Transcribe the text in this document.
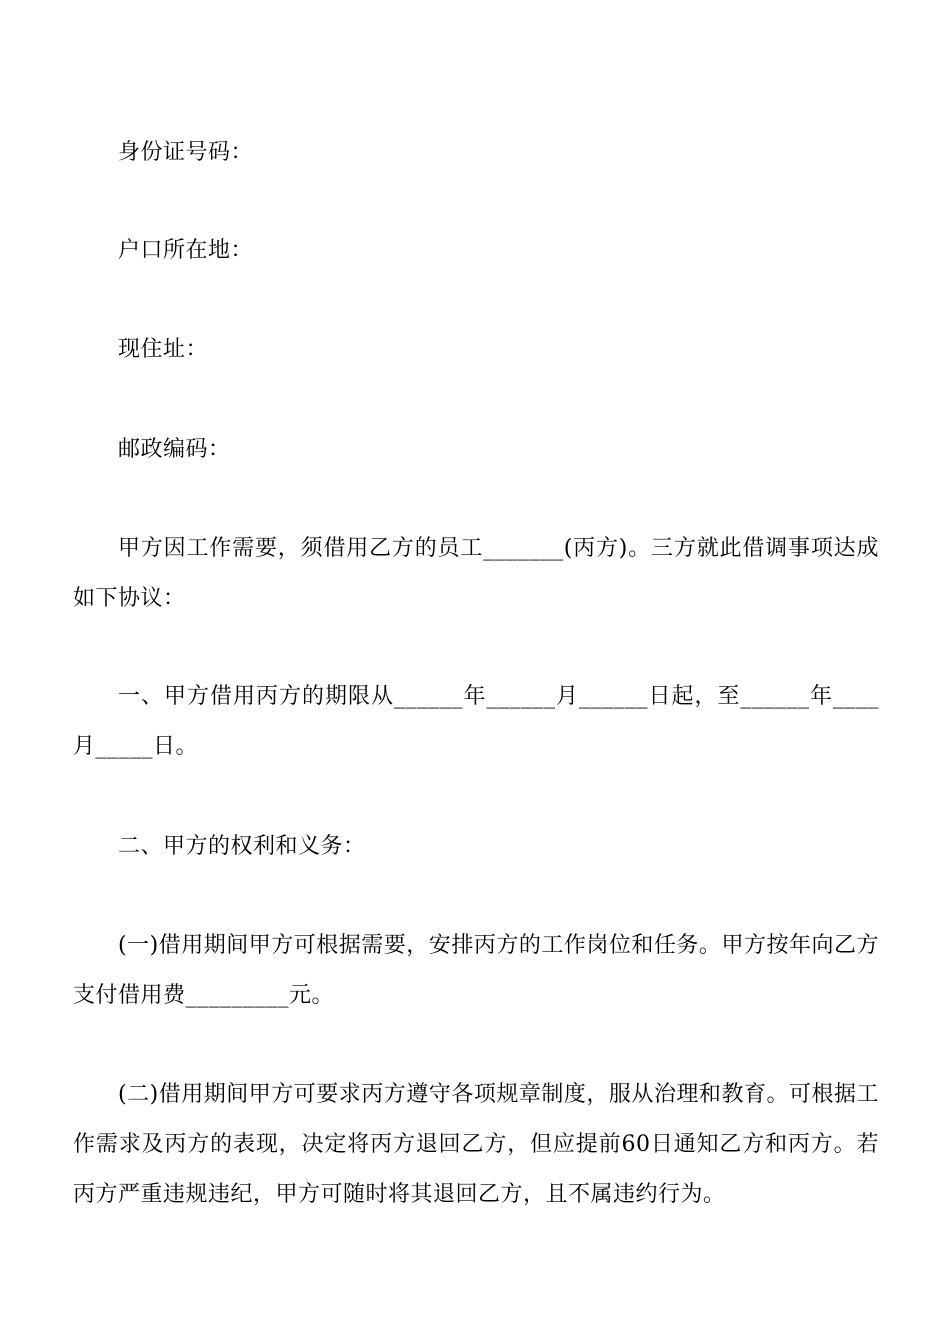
身份证号码：

户口所在地：

现住址：

邮政编码：

甲方因工作需要，须借用乙方的员工_______(丙方)。三方就此借调事项达成如下协议：

一、甲方借用丙方的期限从______年______月______日起，至______年____月_____日。

二、甲方的权利和义务：

(一)借用期间甲方可根据需要，安排丙方的工作岗位和任务。甲方按年向乙方支付借用费_________元。

(二)借用期间甲方可要求丙方遵守各项规章制度，服从治理和教育。可根据工作需求及丙方的表现，决定将丙方退回乙方，但应提前60日通知乙方和丙方。若丙方严重违规违纪，甲方可随时将其退回乙方，且不属违约行为。
